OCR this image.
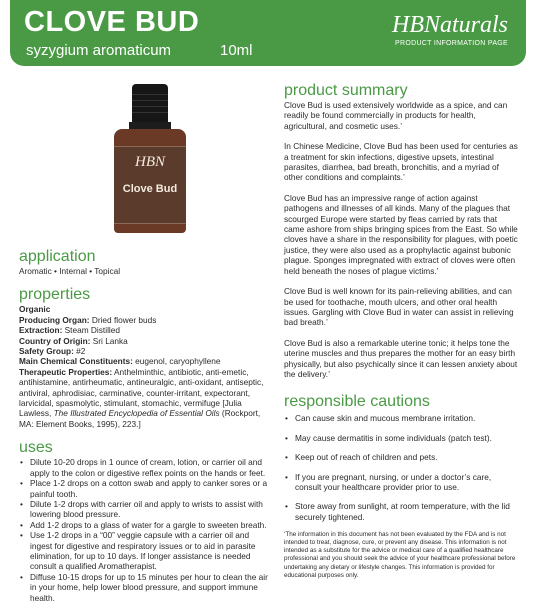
CLOVE BUD
syzygium aromaticum	10ml
HBNaturals
PRODUCT INFORMATION PAGE
HBN
Clove Bud
application
Aromatic • Internal • Topical
properties
Organic
Producing Organ: Dried flower buds
Extraction: Steam Distilled
Country of Origin: Sri Lanka
Safety Group: #2
Main Chemical Constituents: eugenol, caryophyllene
Therapeutic Properties: Anthelminthic, antibiotic, anti-emetic, antihistamine, antirheumatic, antineuralgic, anti-oxidant, antiseptic, antiviral, aphrodisiac, carminative, counter-irritant, expectorant, larvicidal, spasmolytic, stimulant, stomachic, vermifuge [Julia Lawless, The Illustrated Encyclopedia of Essential Oils (Rockport, MA: Element Books, 1995), 223.]
uses
• Dilute 10-20 drops in 1 ounce of cream, lotion, or carrier oil and apply to the colon or digestive reflex points on the hands or feet.
• Place 1-2 drops on a cotton swab and apply to canker sores or a painful tooth.
• Dilute 1-2 drops with carrier oil and apply to wrists to assist with lowering blood pressure.
• Add 1-2 drops to a glass of water for a gargle to sweeten breath.
• Use 1-2 drops in a “00” veggie capsule with a carrier oil and ingest for digestive and respiratory issues or to aid in parasite elimination, for up to 10 days. If longer assistance is needed consult a qualified Aromatherapist.
• Diffuse 10-15 drops for up to 15 minutes per hour to clean the air in your home, help lower blood pressure, and support immune health.
product summary

Clove Bud is used extensively worldwide as a spice, and can readily be found commercially in products for health, agricultural, and cosmetic uses.’

In Chinese Medicine, Clove Bud has been used for centuries as a treatment for skin infections, digestive upsets, intestinal parasites, diarrhea, bad breath, bronchitis, and a myriad of other conditions and complaints.’

Clove Bud has an impressive range of action against pathogens and illnesses of all kinds. Many of the plagues that scourged Europe were started by fleas carried by rats that came ashore from ships bringing spices from the East. So while cloves have a share in the responsibility for plagues, with poetic justice, they were also used as a prophylactic against bubonic plague. Sponges impregnated with extract of cloves were often held beneath the noses of plague victims.’

Clove Bud is well known for its pain-relieving abilities, and can be used for toothache, mouth ulcers, and other oral health issues. Gargling with Clove Bud in water can assist in relieving bad breath.’

Clove Bud is also a remarkable uterine tonic; it helps tone the uterine muscles and thus prepares the mother for an easy birth physically, but also psychically since it can lessen anxiety about the delivery.’

responsible cautions
• Can cause skin and mucous membrane irritation.
• May cause dermatitis in some individuals (patch test).
• Keep out of reach of children and pets.
• If you are pregnant, nursing, or under a doctor’s care, consult your healthcare provider prior to use.
• Store away from sunlight, at room temperature, with the lid securely tightened.
‘The information in this document has not been evaluated by the FDA and is not intended to treat, diagnose, cure, or prevent any disease. This information is not intended as a substitute for the advice or medical care of a qualified healthcare professional and you should seek the advice of your healthcare professional before undertaking any dietary or lifestyle changes. This information is provided for educational purposes only.
